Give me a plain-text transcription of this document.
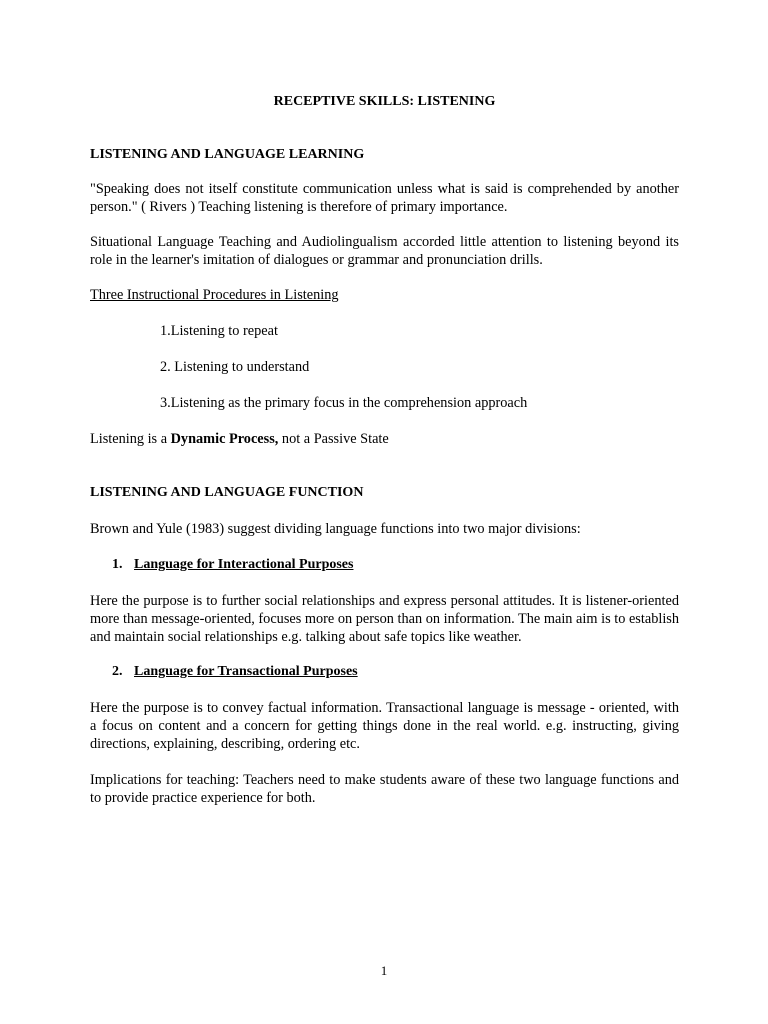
RECEPTIVE SKILLS: LISTENING

LISTENING AND LANGUAGE LEARNING

"Speaking does not itself constitute communication unless what is said is comprehended by another person." ( Rivers ) Teaching listening is therefore of primary importance.

Situational Language Teaching and Audiolingualism accorded little attention to listening beyond its role in the learner's imitation of dialogues or grammar and pronunciation drills.

Three Instructional Procedures in Listening

1.Listening to repeat

2. Listening to understand

3.Listening as the primary focus in the comprehension approach

Listening is a Dynamic Process, not a Passive State

LISTENING AND LANGUAGE FUNCTION

Brown and Yule (1983) suggest dividing language functions into two major divisions:

1. Language for Interactional Purposes

Here the purpose is to further social relationships and express personal attitudes. It is listener-oriented more than message-oriented, focuses more on person than on information. The main aim is to establish and maintain social relationships e.g. talking about safe topics like weather.

2. Language for Transactional Purposes

Here the purpose is to convey factual information. Transactional language is message - oriented, with a focus on content and a concern for getting things done in the real world. e.g. instructing, giving directions, explaining, describing, ordering etc.

Implications for teaching: Teachers need to make students aware of these two language functions and to provide practice experience for both.

1
